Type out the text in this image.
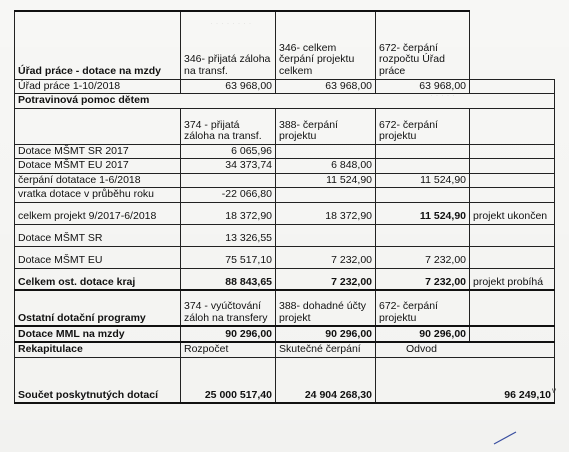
· · · · · · · ·
· · · · ·
Úřad práce - dotace na mzdy	346- přijatá záloha na transf.	346- celkem čerpání projektu celkem	672- čerpání rozpočtu Úřad práce	
Úřad práce 1-10/2018	63 968,00	63 968,00	63 968,00	
Potravinová pomoc dětem				
	374 - přijatá záloha na transf.	388- čerpání projektu	672- čerpání projektu	
Dotace MŠMT SR 2017	6 065,96			
Dotace MŠMT EU 2017	34 373,74	6 848,00		
čerpání dotatace 1-6/2018		11 524,90	11 524,90	
vratka dotace v průběhu roku	-22 066,80			
celkem projekt 9/2017-6/2018	18 372,90	18 372,90	11 524,90	projekt ukončen
Dotace MŠMT SR	13 326,55			
Dotace MŠMT EU	75 517,10	7 232,00	7 232,00	
Celkem ost. dotace kraj	88 843,65	7 232,00	7 232,00	projekt probíhá
Ostatní dotační programy	374 - vyúčtování záloh na transfery	388- dohadné účty projekt	672- čerpání projektu	
Dotace MML na mzdy	90 296,00	90 296,00	90 296,00	
Rekapitulace	Rozpočet	Skutečné čerpání	Odvod	
Součet poskytnutých dotací	25 000 517,40	24 904 268,30	96 249,10	v
